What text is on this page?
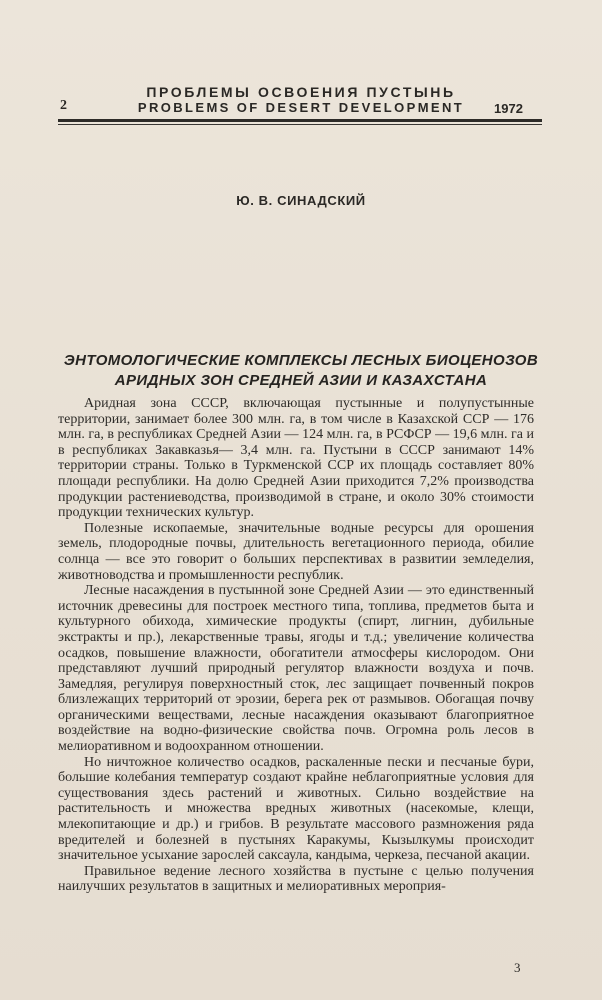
ПРОБЛЕМЫ ОСВОЕНИЯ ПУСТЫНЬ
PROBLEMS OF DESERT DEVELOPMENT
2	1972
Ю. В. СИНАДСКИЙ
ЭНТОМОЛОГИЧЕСКИЕ КОМПЛЕКСЫ ЛЕСНЫХ БИОЦЕНОЗОВ
АРИДНЫХ ЗОН СРЕДНЕЙ АЗИИ И КАЗАХСТАНА

Аридная зона СССР, включающая пустынные и полупустынные территории, занимает более 300 млн. га, в том числе в Казахской ССР — 176 млн. га, в республиках Средней Азии — 124 млн. га, в РСФСР — 19,6 млн. га и в республиках Закавказья— 3,4 млн. га. Пустыни в СССР занимают 14% территории страны. Только в Туркменской ССР их площадь составляет 80% площади республики. На долю Средней Азии приходится 7,2% производства продукции растениеводства, производимой в стране, и около 30% стоимости продукции технических культур.

Полезные ископаемые, значительные водные ресурсы для орошения земель, плодородные почвы, длительность вегетационного периода, обилие солнца — все это говорит о больших перспективах в развитии земледелия, животноводства и промышленности республик.

Лесные насаждения в пустынной зоне Средней Азии — это единственный источник древесины для построек местного типа, топлива, предметов быта и культурного обихода, химические продукты (спирт, лигнин, дубильные экстракты и пр.), лекарственные травы, ягоды и т.д.; увеличение количества осадков, повышение влажности, обогатители атмосферы кислородом. Они представляют лучший природный регулятор влажности воздуха и почв. Замедляя, регулируя поверхностный сток, лес защищает почвенный покров близлежащих территорий от эрозии, берега рек от размывов. Обогащая почву органическими веществами, лесные насаждения оказывают благоприятное воздействие на водно-физические свойства почв. Огромна роль лесов в мелиоративном и водоохранном отношении.

Но ничтожное количество осадков, раскаленные пески и песчаные бури, большие колебания температур создают крайне неблагоприятные условия для существования здесь растений и животных. Сильно воздействие на растительность и множества вредных животных (насекомые, клещи, млекопитающие и др.) и грибов. В результате массового размножения ряда вредителей и болезней в пустынях Каракумы, Кызылкумы происходит значительное усыхание зарослей саксаула, кандыма, черкеза, песчаной акации.

Правильное ведение лесного хозяйства в пустыне с целью получения наилучших результатов в защитных и мелиоративных мероприя-

3
